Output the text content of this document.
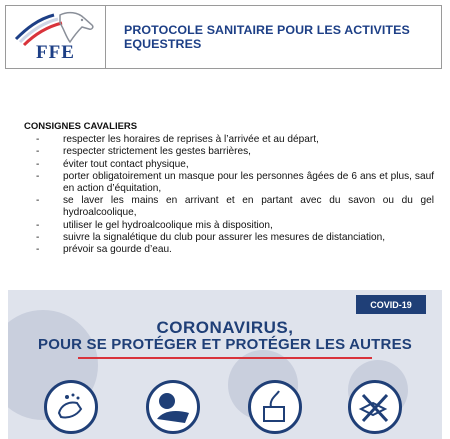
FFE
PROTOCOLE SANITAIRE POUR LES ACTIVITES EQUESTRES
CONSIGNES CAVALIERS
- respecter les horaires de reprises à l’arrivée et au départ,
- respecter strictement les gestes barrières,
- éviter tout contact physique,
- porter obligatoirement un masque pour les personnes âgées de 6 ans et plus, sauf en action d’équitation,
- se laver les mains en arrivant et en partant avec du savon ou du gel hydroalcoolique,
- utiliser le gel hydroalcoolique mis à disposition,
- suivre la signalétique du club pour assurer les mesures de distanciation,
- prévoir sa gourde d’eau.
COVID-19
CORONAVIRUS,
POUR SE PROTÉGER ET PROTÉGER LES AUTRES
